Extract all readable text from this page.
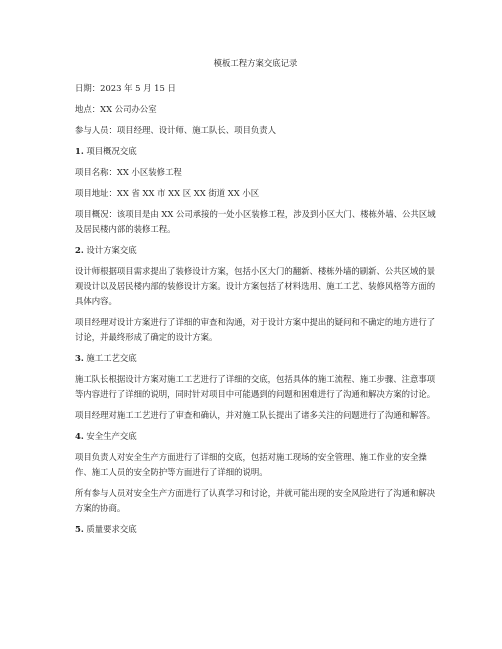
模板工程方案交底记录
日期：2023 年 5 月 15 日
地点：XX 公司办公室
参与人员：项目经理、设计师、施工队长、项目负责人
1. 项目概况交底
项目名称：XX 小区装修工程
项目地址：XX 省 XX 市 XX 区 XX 街道 XX 小区
项目概况：该项目是由 XX 公司承接的一处小区装修工程，涉及到小区大门、楼栋外墙、公共区域及居民楼内部的装修工程。
2. 设计方案交底
设计师根据项目需求提出了装修设计方案，包括小区大门的翻新、楼栋外墙的刷新、公共区域的景观设计以及居民楼内部的装修设计方案。设计方案包括了材料选用、施工工艺、装修风格等方面的具体内容。
项目经理对设计方案进行了详细的审查和沟通，对于设计方案中提出的疑问和不确定的地方进行了讨论，并最终形成了确定的设计方案。
3. 施工工艺交底
施工队长根据设计方案对施工工艺进行了详细的交底，包括具体的施工流程、施工步骤、注意事项等内容进行了详细的说明，同时针对项目中可能遇到的问题和困难进行了沟通和解决方案的讨论。
项目经理对施工工艺进行了审查和确认，并对施工队长提出了诸多关注的问题进行了沟通和解答。
4. 安全生产交底
项目负责人对安全生产方面进行了详细的交底，包括对施工现场的安全管理、施工作业的安全操作、施工人员的安全防护等方面进行了详细的说明。
所有参与人员对安全生产方面进行了认真学习和讨论，并就可能出现的安全风险进行了沟通和解决方案的协商。
5. 质量要求交底
